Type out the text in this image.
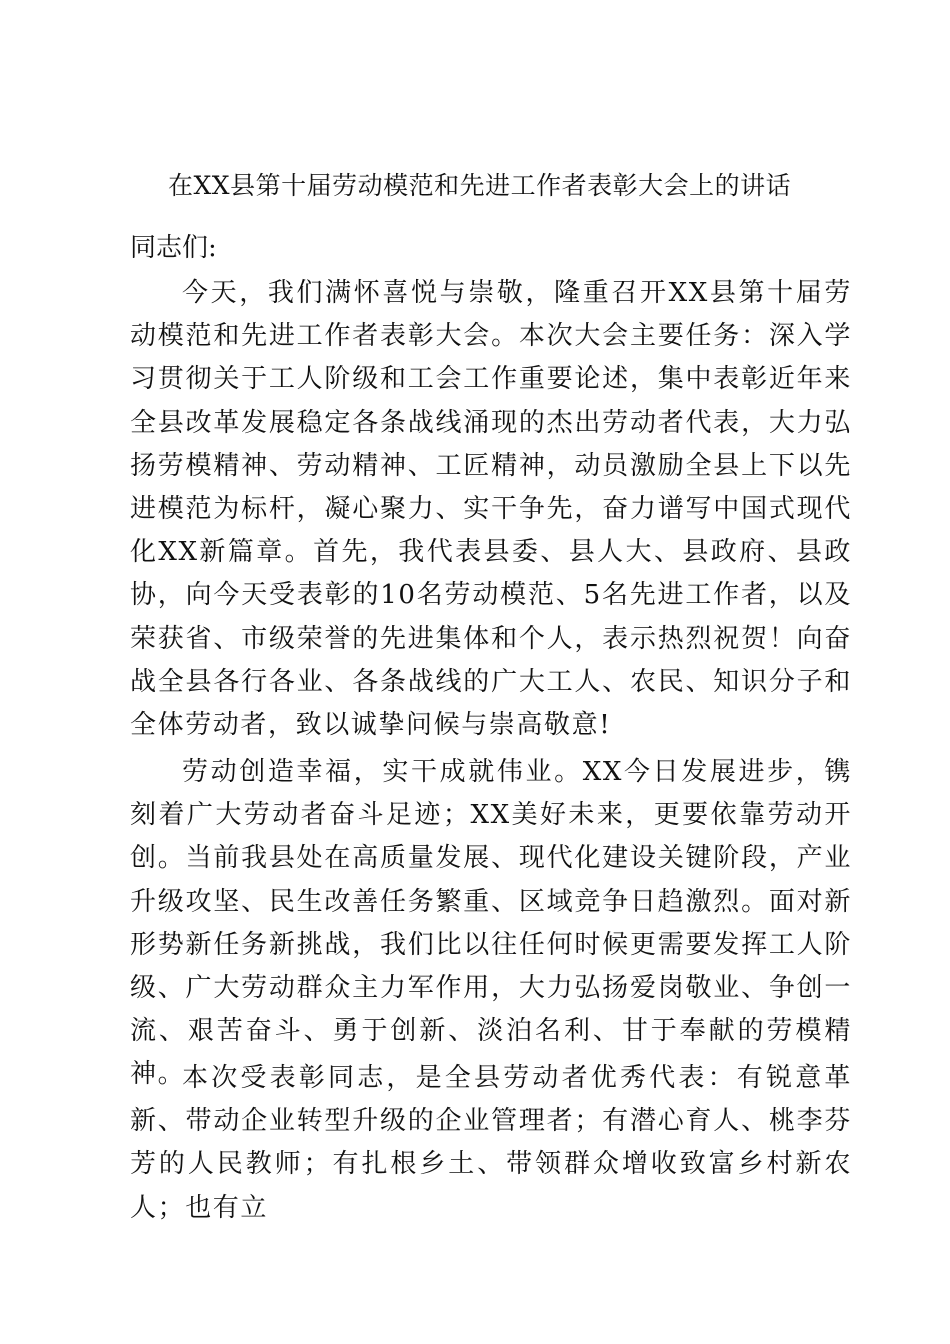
在XX县第十届劳动模范和先进工作者表彰大会上的讲话
同志们:

今天，我们满怀喜悦与崇敬，隆重召开XX县第十届劳动模范和先进工作者表彰大会。本次大会主要任务：深入学习贯彻关于工人阶级和工会工作重要论述，集中表彰近年来全县改革发展稳定各条战线涌现的杰出劳动者代表，大力弘扬劳模精神、劳动精神、工匠精神，动员激励全县上下以先进模范为标杆，凝心聚力、实干争先，奋力谱写中国式现代化XX新篇章。首先，我代表县委、县人大、县政府、县政协，向今天受表彰的10名劳动模范、5名先进工作者，以及荣获省、市级荣誉的先进集体和个人，表示热烈祝贺！向奋战全县各行各业、各条战线的广大工人、农民、知识分子和全体劳动者，致以诚挚问候与崇高敬意!

劳动创造幸福，实干成就伟业。XX今日发展进步，镌刻着广大劳动者奋斗足迹；XX美好未来，更要依靠劳动开创。当前我县处在高质量发展、现代化建设关键阶段，产业升级攻坚、民生改善任务繁重、区域竞争日趋激烈。面对新形势新任务新挑战，我们比以往任何时候更需要发挥工人阶级、广大劳动群众主力军作用，大力弘扬爱岗敬业、争创一流、艰苦奋斗、勇于创新、淡泊名利、甘于奉献的劳模精神。

本次受表彰同志，是全县劳动者优秀代表：有锐意革新、带动企业转型升级的企业管理者；有潜心育人、桃李芬芳的人民教师；有扎根乡土、带领群众增收致富乡村新农人；也有立
